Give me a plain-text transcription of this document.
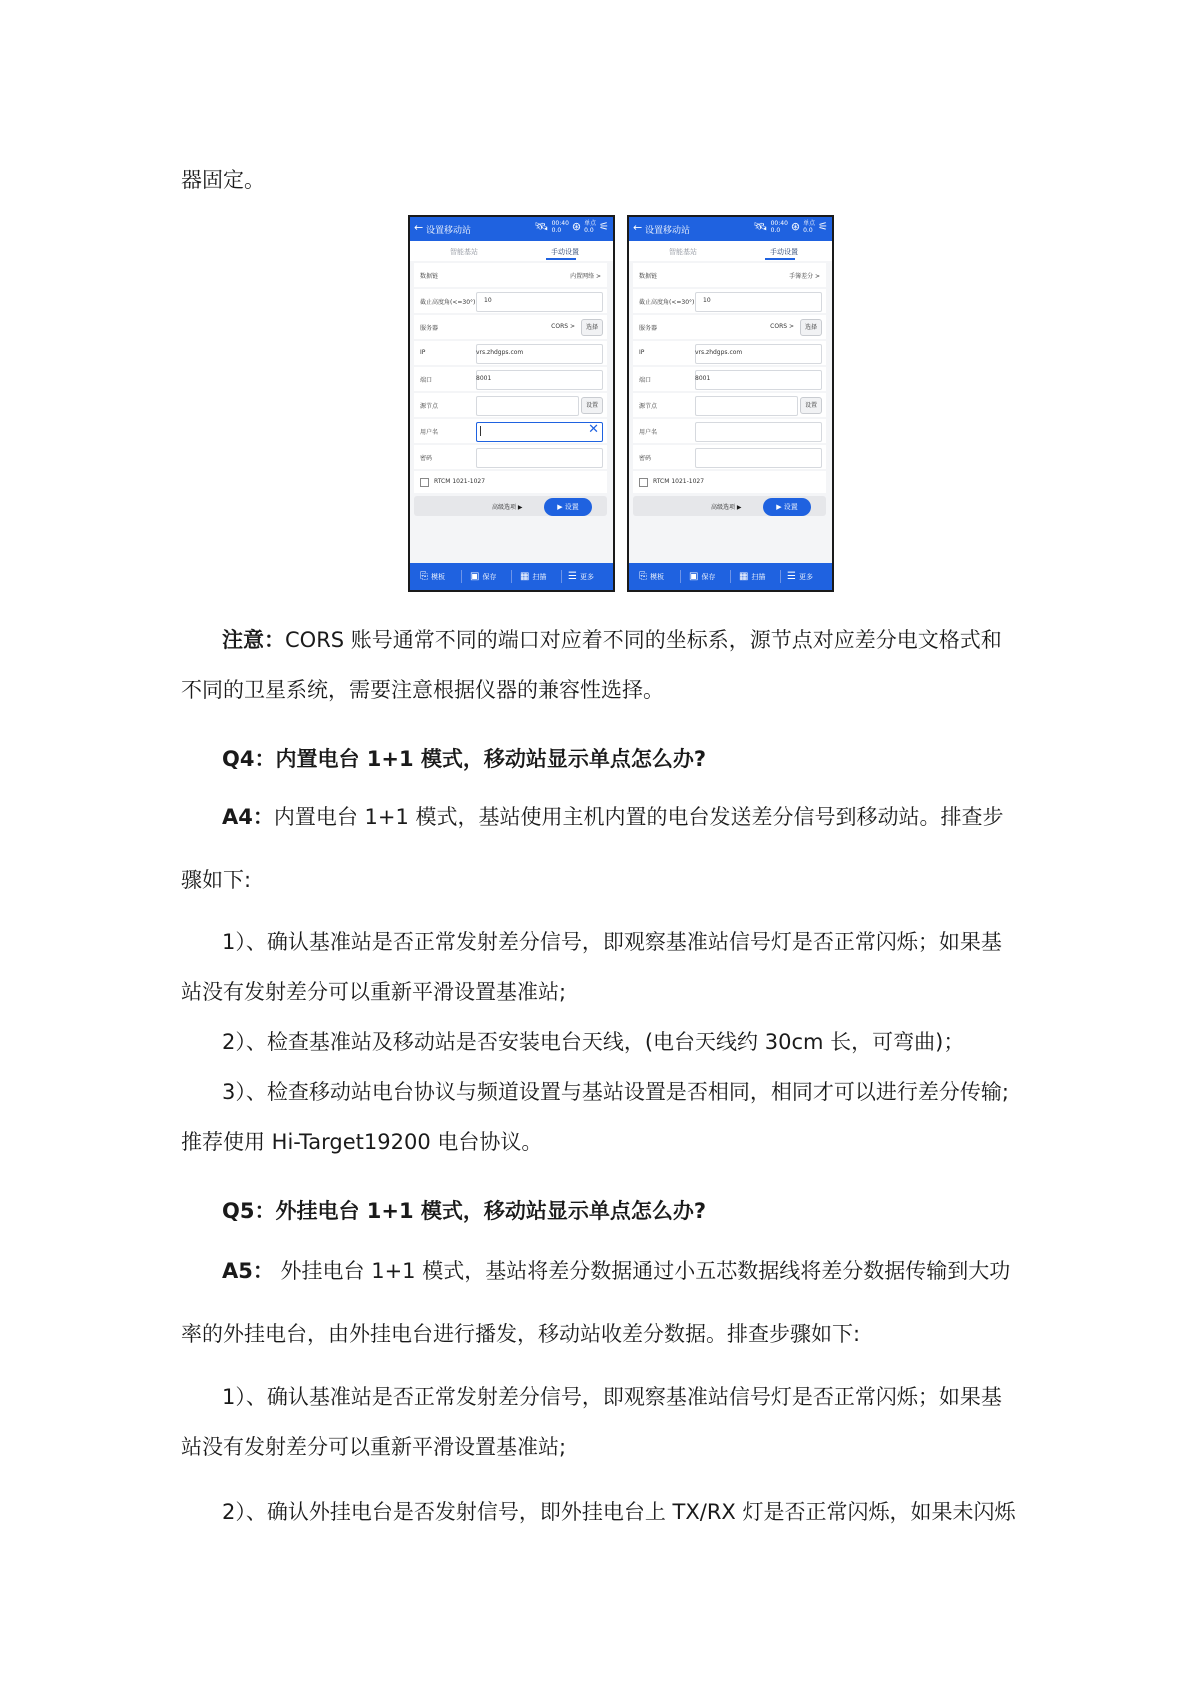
器固定。
← 设置移动站	🛰 00:40
0.0 ⊛ 单点
0.0 ⚟
智能基站	手动设置
数据链	内置网络 >
截止高度角(<=30°) 10
服务器	CORS >	选择
IP	vrs.zhdgps.com
端口	8001
源节点	设置
用户名	✕
密码
RTCM 1021-1027
高级选项 ▶	▶ 设置
⎘ 模板	▣ 保存 ▦ 扫描 ☰ 更多
← 设置移动站	🛰 00:40
0.0 ⊛ 单点
0.0 ⚟
智能基站	手动设置
数据链	手簿差分 >
截止高度角(<=30°) 10
服务器	CORS >	选择
IP	vrs.zhdgps.com
端口	8001
源节点	设置
用户名
密码
RTCM 1021-1027
高级选项 ▶	▶ 设置
⎘ 模板	▣ 保存 ▦ 扫描 ☰ 更多
注意：CORS 账号通常不同的端口对应着不同的坐标系，源节点对应差分电文格式和
不同的卫星系统，需要注意根据仪器的兼容性选择。
Q4：内置电台 1+1 模式，移动站显示单点怎么办?
A4：内置电台 1+1 模式，基站使用主机内置的电台发送差分信号到移动站。排查步
骤如下:
1）、确认基准站是否正常发射差分信号，即观察基准站信号灯是否正常闪烁；如果基
站没有发射差分可以重新平滑设置基准站;
2）、检查基准站及移动站是否安装电台天线，(电台天线约 30cm 长，可弯曲)；
3）、检查移动站电台协议与频道设置与基站设置是否相同，相同才可以进行差分传输;
推荐使用 Hi-Target19200 电台协议。
Q5：外挂电台 1+1 模式，移动站显示单点怎么办?
A5： 外挂电台 1+1 模式，基站将差分数据通过小五芯数据线将差分数据传输到大功
率的外挂电台，由外挂电台进行播发，移动站收差分数据。排查步骤如下:
1）、确认基准站是否正常发射差分信号，即观察基准站信号灯是否正常闪烁；如果基
站没有发射差分可以重新平滑设置基准站;
2）、确认外挂电台是否发射信号，即外挂电台上 TX/RX 灯是否正常闪烁，如果未闪烁
